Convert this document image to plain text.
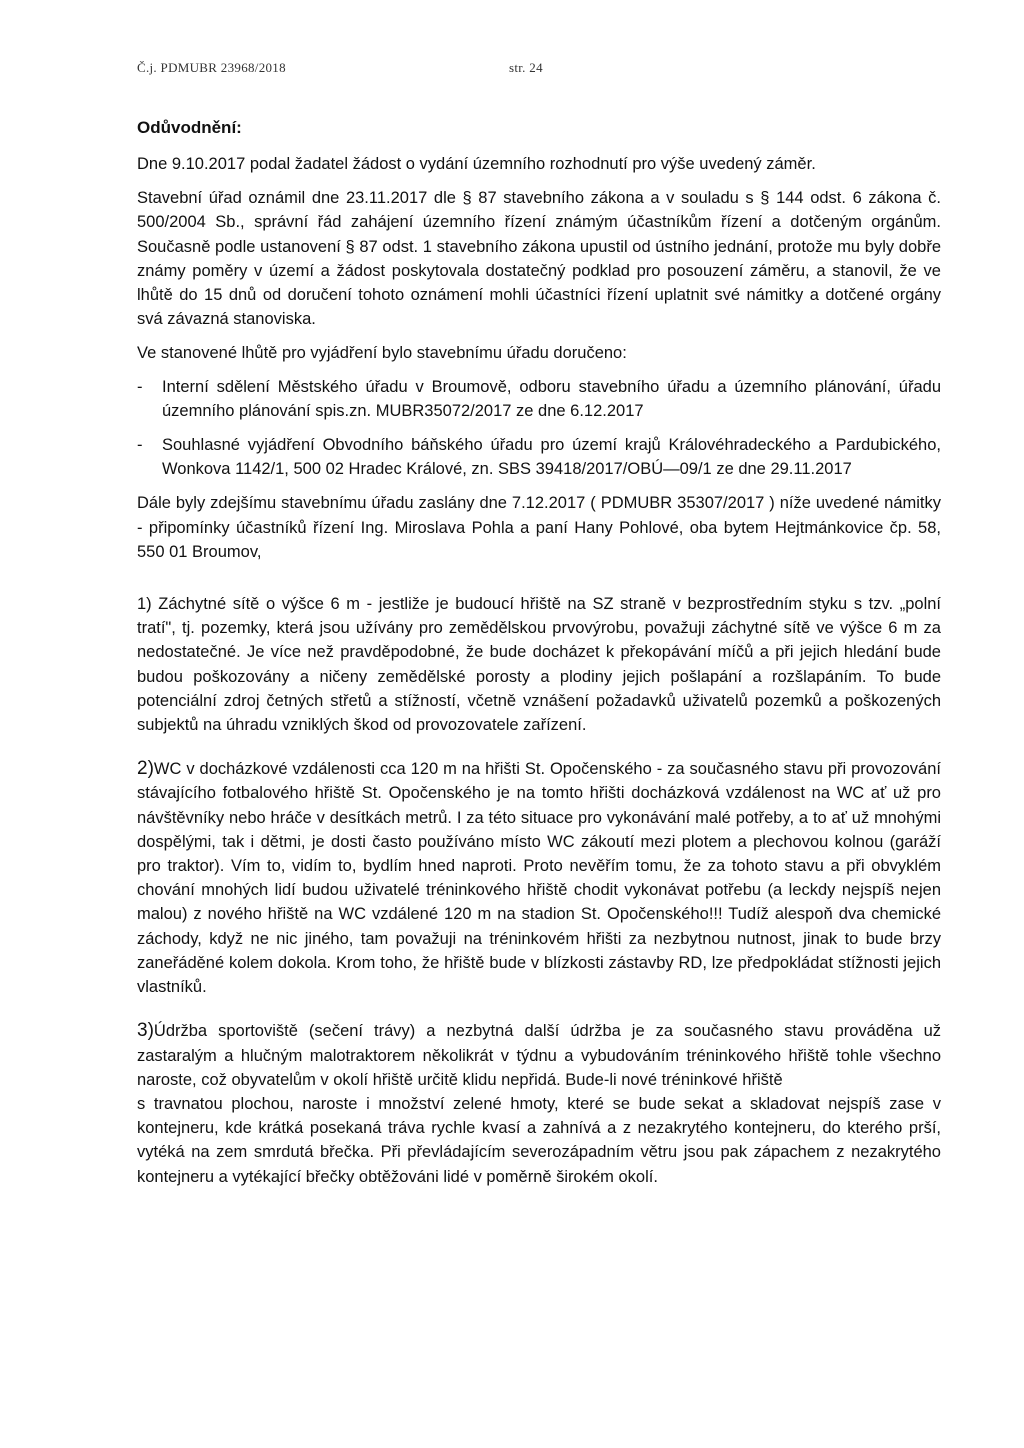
Č.j. PDMUBR 23968/2018	str. 24
Odůvodnění:

Dne 9.10.2017 podal žadatel žádost o vydání územního rozhodnutí pro výše uvedený záměr.

Stavební úřad oznámil dne 23.11.2017 dle § 87 stavebního zákona a v souladu s § 144 odst. 6 zákona č. 500/2004 Sb., správní řád zahájení územního řízení známým účastníkům řízení a dotčeným orgánům. Současně podle ustanovení § 87 odst. 1 stavebního zákona upustil od ústního jednání, protože mu byly dobře známy poměry v území a žádost poskytovala dostatečný podklad pro posouzení záměru, a stanovil, že ve lhůtě do 15 dnů od doručení tohoto oznámení mohli účastníci řízení uplatnit své námitky a dotčené orgány svá závazná stanoviska.

Ve stanovené lhůtě pro vyjádření bylo stavebnímu úřadu doručeno:

- Interní sdělení Městského úřadu v Broumově, odboru stavebního úřadu a územního plánování, úřadu územního plánování spis.zn. MUBR35072/2017 ze dne 6.12.2017
- Souhlasné vyjádření Obvodního báňského úřadu pro území krajů Královéhradeckého a Pardubického, Wonkova 1142/1, 500 02 Hradec Králové, zn. SBS 39418/2017/OBÚ—09/1 ze dne 29.11.2017

Dále byly zdejšímu stavebnímu úřadu zaslány dne 7.12.2017 ( PDMUBR 35307/2017 ) níže uvedené námitky - připomínky účastníků řízení Ing. Miroslava Pohla a paní Hany Pohlové, oba bytem Hejtmánkovice čp. 58, 550 01 Broumov,

1) Záchytné sítě o výšce 6 m - jestliže je budoucí hřiště na SZ straně v bezprostředním styku s tzv. „polní tratí", tj. pozemky, která jsou užívány pro zemědělskou prvovýrobu, považuji záchytné sítě ve výšce 6 m za nedostatečné. Je více než pravděpodobné, že bude docházet k překopávání míčů a při jejich hledání bude budou poškozovány a ničeny zemědělské porosty a plodiny jejich pošlapání a rozšlapáním. To bude potenciální zdroj četných střetů a stížností, včetně vznášení požadavků uživatelů pozemků a poškozených subjektů na úhradu vzniklých škod od provozovatele zařízení.

2)WC v docházkové vzdálenosti cca 120 m na hřišti St. Opočenského - za současného stavu při provozování stávajícího fotbalového hřiště St. Opočenského je na tomto hřišti docházková vzdálenost na WC ať už pro návštěvníky nebo hráče v desítkách metrů. I za této situace pro vykonávání malé potřeby, a to ať už mnohými dospělými, tak i dětmi, je dosti často používáno místo WC zákoutí mezi plotem a plechovou kolnou (garáží pro traktor). Vím to, vidím to, bydlím hned naproti. Proto nevěřím tomu, že za tohoto stavu a při obvyklém chování mnohých lidí budou uživatelé tréninkového hřiště chodit vykonávat potřebu (a leckdy nejspíš nejen malou) z nového hřiště na WC vzdálené 120 m na stadion St. Opočenského!!! Tudíž alespoň dva chemické záchody, když ne nic jiného, tam považuji na tréninkovém hřišti za nezbytnou nutnost, jinak to bude brzy zaneřáděné kolem dokola. Krom toho, že hřiště bude v blízkosti zástavby RD, lze předpokládat stížnosti jejich vlastníků.

3)Údržba sportoviště (sečení trávy) a nezbytná další údržba je za současného stavu prováděna už zastaralým a hlučným malotraktorem několikrát v týdnu a vybudováním tréninkového hřiště tohle všechno naroste, což obyvatelům v okolí hřiště určitě klidu nepřidá. Bude-li nové tréninkové hřiště

s travnatou plochou, naroste i množství zelené hmoty, které se bude sekat a skladovat nejspíš zase v kontejneru, kde krátká posekaná tráva rychle kvasí a zahnívá a z nezakrytého kontejneru, do kterého prší, vytéká na zem smrdutá břečka. Při převládajícím severozápadním větru jsou pak zápachem z nezakrytého kontejneru a vytékající břečky obtěžováni lidé v poměrně širokém okolí.
